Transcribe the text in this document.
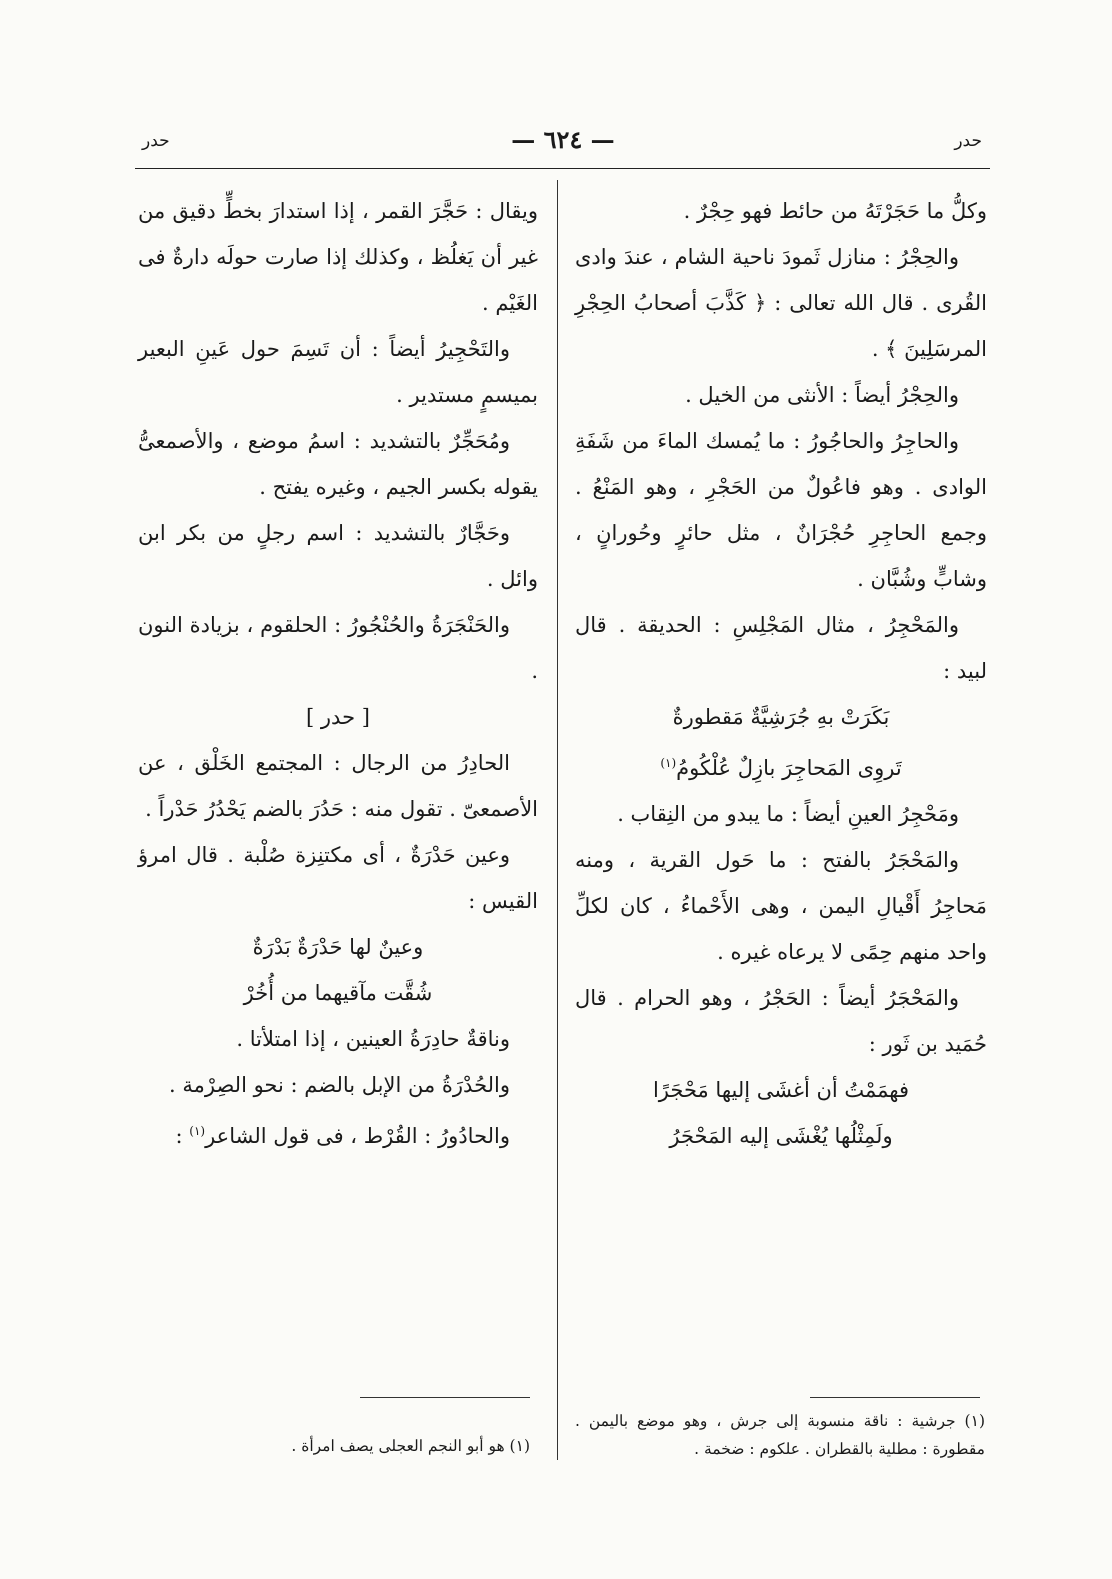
حدر
— ٦٢٤ —
حدر

وكلُّ ما حَجَرْتَهُ من حائط فهو حِجْرٌ .

والحِجْرُ : منازل ثَمودَ ناحية الشام ، عندَ وادى القُرى . قال الله تعالى : ﴿ كَذَّبَ أصحابُ الحِجْرِ المرسَلِينَ ﴾ .

والحِجْرُ أيضاً : الأنثى من الخيل .

والحاجِرُ والحاجُورُ : ما يُمسك الماءَ من شَفَةِ الوادى . وهو فاعُولٌ من الحَجْرِ ، وهو المَنْعُ . وجمع الحاجِرِ حُجْرَانٌ ، مثل حائرٍ وحُورانٍ ، وشابٍّ وشُبَّان .

والمَحْجِرُ ، مثال المَجْلِسِ : الحديقة . قال لبيد :

بَكَرَتْ بهِ جُرَشِيَّةٌ مَقطورةٌ

تَروِى المَحاجِرَ بازِلٌ عُلْكُومُ$^{(١)}$

ومَحْجِرُ العينِ أيضاً : ما يبدو من النِقاب .

والمَحْجَرُ بالفتح : ما حَول القرية ، ومنه مَحاجِرُ أَقْيالِ اليمن ، وهى الأَحْماءُ ، كان لكلِّ واحد منهم حِمًى لا يرعاه غيره .

والمَحْجَرُ أيضاً : الحَجْرُ ، وهو الحرام . قال حُمَيد بن ثَور :

فهمَمْتُ أن أغشَى إليها مَحْجَرًا

ولَمِثْلُها يُغْشَى إليه المَحْجَرُ

ويقال : حَجَّرَ القمر ، إذا استدارَ بخطٍّ دقيق من غير أن يَغلُظ ، وكذلك إذا صارت حولَه دارةٌ فى الغَيْم .

والتَحْجِيرُ أيضاً : أن تَسِمَ حول عَينِ البعير بميسمٍ مستدير .

ومُحَجِّرٌ بالتشديد : اسمُ موضع ، والأصمعىُّ يقوله بكسر الجيم ، وغيره يفتح .

وحَجَّارٌ بالتشديد : اسم رجلٍ من بكر ابن وائل .

والحَنْجَرَةُ والحُنْجُورُ : الحلقوم ، بزيادة النون .

[ حدر ]

الحادِرُ من الرجال : المجتمع الخَلْق ، عن الأصمعىّ . تقول منه : حَدُرَ بالضم يَحْدُرُ حَدْراً .

وعين حَدْرَةٌ ، أى مكتنِزة صُلْبة . قال امرؤ القيس :

وعينٌ لها حَدْرَةٌ بَدْرَةٌ

شُقَّت مآقيهما من أُخُرْ

وناقةٌ حادِرَةُ العينين ، إذا امتلأتا .

والحُدْرَةُ من الإبل بالضم : نحو الصِرْمة .

والحادُورُ : القُرْط ، فى قول الشاعر$^{(١)}$ :

(١) جرشية : ناقة منسوبة إلى جرش ، وهو موضع باليمن . مقطورة : مطلية بالقطران . علكوم : ضخمة .
(١) هو أبو النجم العجلى يصف امرأة .
